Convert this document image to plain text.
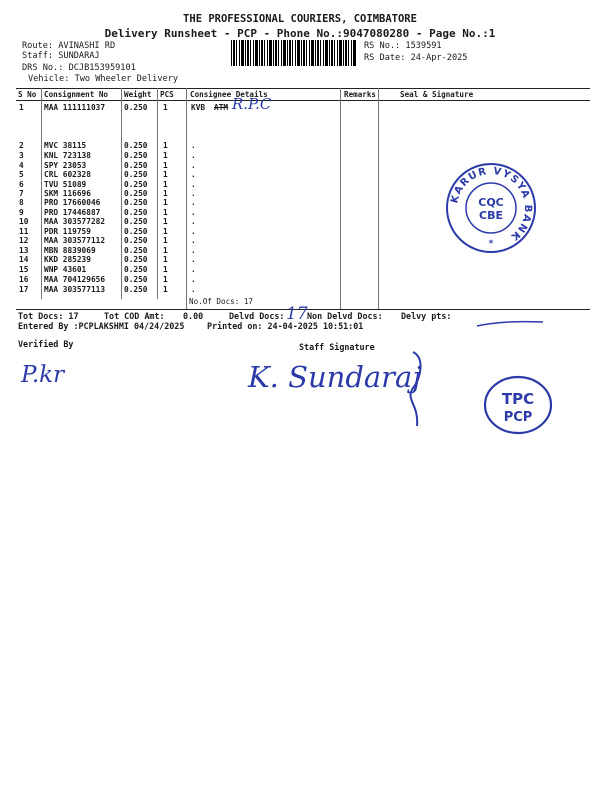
THE PROFESSIONAL COURIERS, COIMBATORE
Delivery Runsheet - PCP - Phone No.:9047080280 - Page No.:1
Route: AVINASHI RD
Staff: SUNDARAJ
DRS No.: DCJB153959101
Vehicle: Two Wheeler Delivery
RS No.: 1539591
RS Date: 24-Apr-2025
S No Consignment No Weight PCS Consignee Details	Remarks	Seal & Signature
1	MAA 111111037 0.250 1	KVB ATM R.P.C
2	MVC 38115	0.250 1	.
3	KNL 723138	0.250 1	.
4	SPY 23053	0.250 1	.
5	CRL 602328	0.250 1	.
6	TVU 51089	0.250 1	.
7	SKM 116696	0.250 1	.
8	PRO 17660046	0.250 1	.
9	PRO 17446887	0.250 1	.
10 MAA 303577282 0.250 1	.
11 PDR 119759	0.250 1	.
12 MAA 303577112 0.250 1	.
13 MBN 8839069	0.250 1	.
14 KKD 285239	0.250 1	.
15 WNP 43601	0.250 1	.
16 MAA 704129656 0.250 1	.
17 MAA 303577113 0.250 1	.
No.Of Docs: 17
Tot Docs: 17	Tot COD Amt: 0.00	Delvd Docs: 17 Non Delvd Docs: Delvy pts:
Entered By :PCPLAKSHMI 04/24/2025	Printed on: 24-04-2025 10:51:01
Verified By	Staff Signature
P.kr	K. Sundaraj
KARUR VYSYA BANK
CQC
CBE
*
TPC
PCP
